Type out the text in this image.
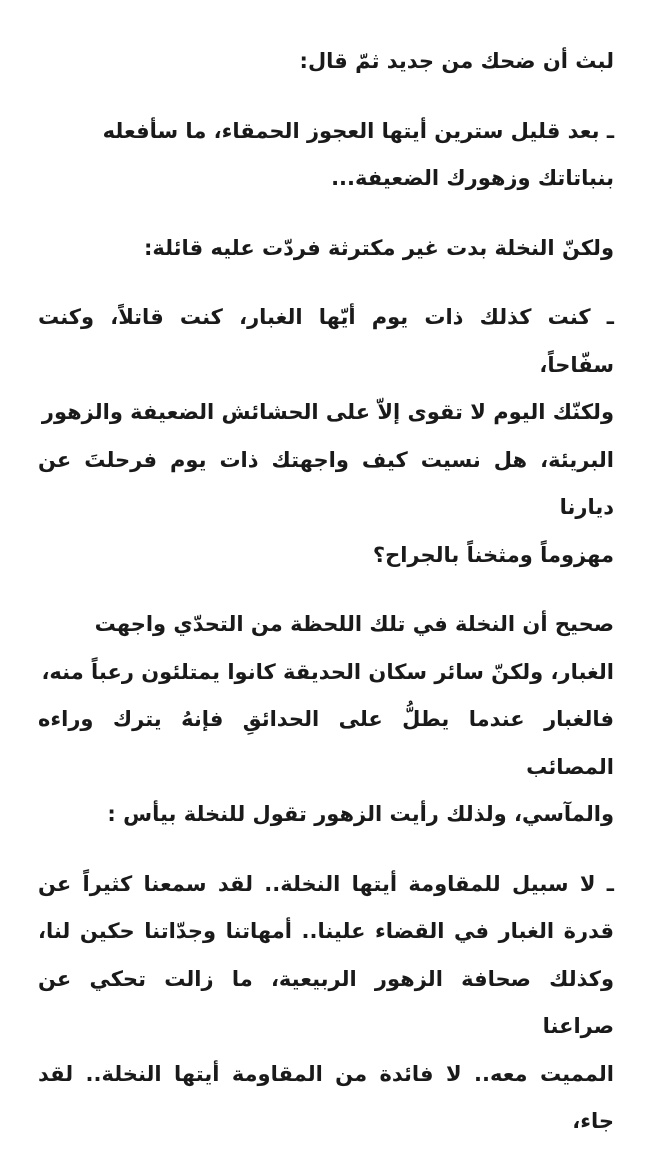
لبث أن ضحك من جديد ثمّ قال:

ـ بعد قليل سترين أيتها العجوز الحمقاء، ما سأفعله
بنباتاتك وزهورك الضعيفة...

ولكنّ النخلة بدت غير مكترثة فردّت عليه قائلة:

ـ كنت كذلك ذات يوم أيّها الغبار، كنت قاتلاً، وكنت سفّاحاً،
ولكنّك اليوم لا تقوى إلاّ على الحشائش الضعيفة والزهور
البريئة، هل نسيت كيف واجهتك ذات يوم فرحلتَ عن ديارنا
مهزوماً ومثخناً بالجراح؟

صحيح أن النخلة في تلك اللحظة من التحدّي واجهت
الغبار، ولكنّ سائر سكان الحديقة كانوا يمتلئون رعباً منه،
فالغبار عندما يطلُّ على الحدائقِ فإنهُ يترك وراءه المصائب
والمآسي، ولذلك رأيت الزهور تقول للنخلة بيأس :

ـ لا سبيل للمقاومة أيتها النخلة.. لقد سمعنا كثيراً عن
قدرة الغبار في القضاء علينا.. أمهاتنا وجدّاتنا حكين لنا،
وكذلك صحافة الزهور الربيعية، ما زالت تحكي عن صراعنا
المميت معه.. لا فائدة من المقاومة أيتها النخلة.. لقد جاء،
